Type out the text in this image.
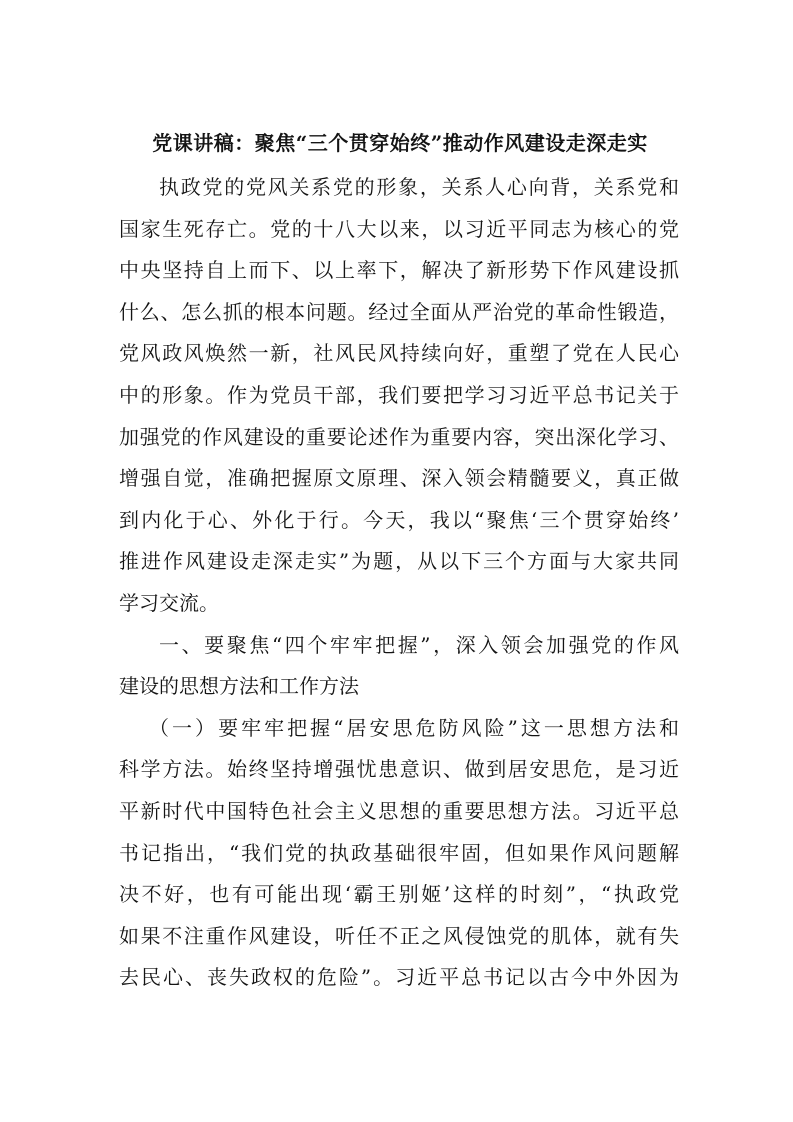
党课讲稿：聚焦“三个贯穿始终”推动作风建设走深走实
执政党的党风关系党的形象，关系人心向背，关系党和
国家生死存亡。党的十八大以来，以习近平同志为核心的党
中央坚持自上而下、以上率下，解决了新形势下作风建设抓
什么、怎么抓的根本问题。经过全面从严治党的革命性锻造，
党风政风焕然一新，社风民风持续向好，重塑了党在人民心
中的形象。作为党员干部，我们要把学习习近平总书记关于
加强党的作风建设的重要论述作为重要内容，突出深化学习、
增强自觉，准确把握原文原理、深入领会精髓要义，真正做
到内化于心、外化于行。今天，我以“聚焦‘三个贯穿始终’
推进作风建设走深走实”为题，从以下三个方面与大家共同
学习交流。
一、要聚焦“四个牢牢把握”，深入领会加强党的作风
建设的思想方法和工作方法
（一）要牢牢把握“居安思危防风险”这一思想方法和
科学方法。始终坚持增强忧患意识、做到居安思危，是习近
平新时代中国特色社会主义思想的重要思想方法。习近平总
书记指出，“我们党的执政基础很牢固，但如果作风问题解
决不好，也有可能出现‘霸王别姬’这样的时刻”，“执政党
如果不注重作风建设，听任不正之风侵蚀党的肌体，就有失
去民心、丧失政权的危险”。习近平总书记以古今中外因为
